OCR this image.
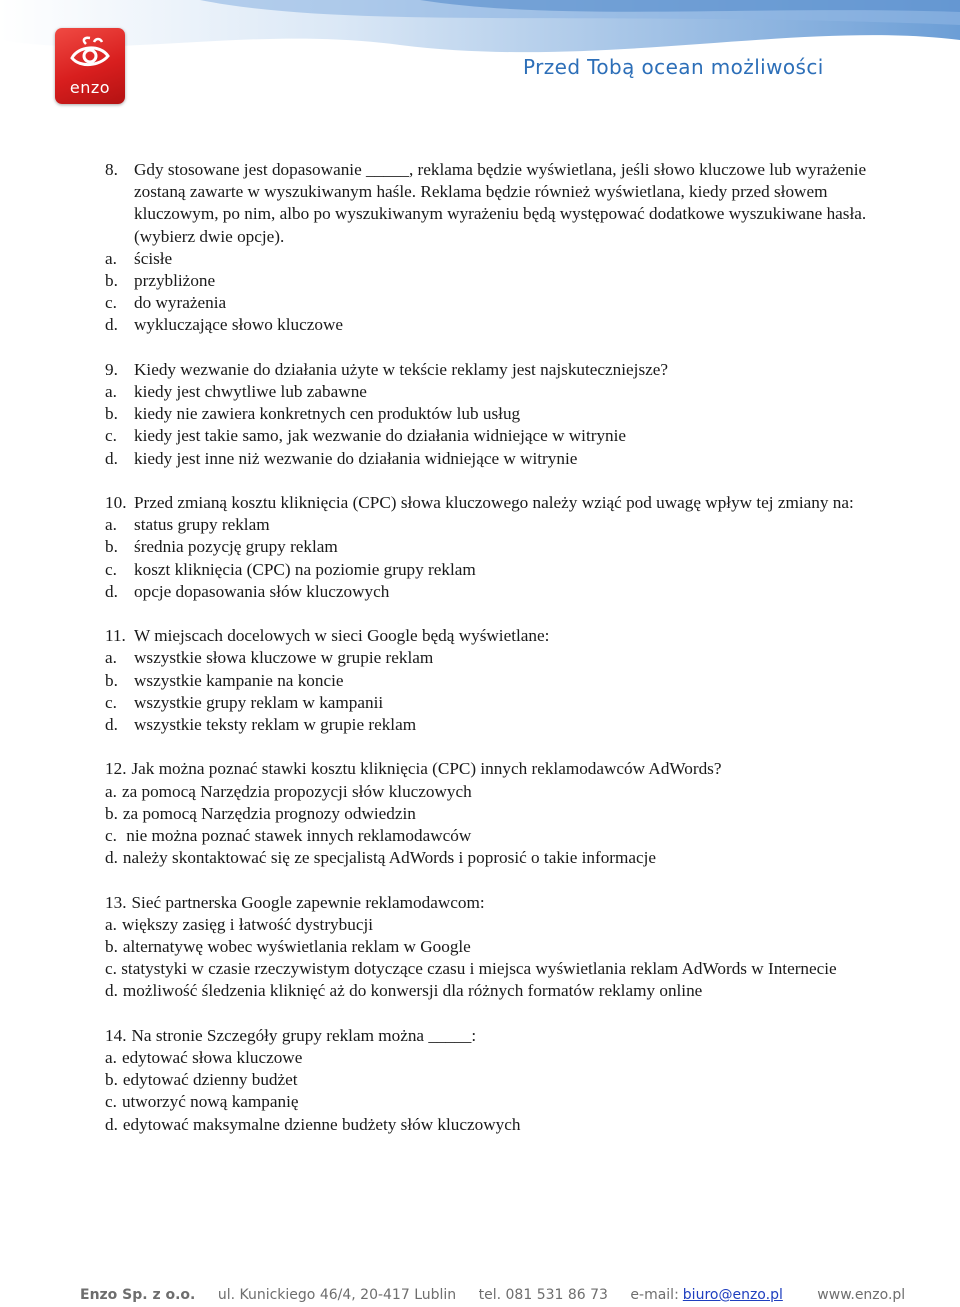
enzo
Przed Tobą ocean możliwości
8. Gdy stosowane jest dopasowanie _____, reklama będzie wyświetlana, jeśli słowo kluczowe lub wyrażenie zostaną zawarte w wyszukiwanym haśle. Reklama będzie również wyświetlana, kiedy przed słowem kluczowym, po nim, albo po wyszukiwanym wyrażeniu będą występować dodatkowe wyszukiwane hasła. (wybierz dwie opcje).
a. ścisłe
b. przybliżone
c. do wyrażenia
d. wykluczające słowo kluczowe
9. Kiedy wezwanie do działania użyte w tekście reklamy jest najskuteczniejsze?
a. kiedy jest chwytliwe lub zabawne
b. kiedy nie zawiera konkretnych cen produktów lub usług
c. kiedy jest takie samo, jak wezwanie do działania widniejące w witrynie
d. kiedy jest inne niż wezwanie do działania widniejące w witrynie
10. Przed zmianą kosztu kliknięcia (CPC) słowa kluczowego należy wziąć pod uwagę wpływ tej zmiany na:
a. status grupy reklam
b. średnia pozycję grupy reklam
c. koszt kliknięcia (CPC) na poziomie grupy reklam
d. opcje dopasowania słów kluczowych
11. W miejscach docelowych w sieci Google będą wyświetlane:
a. wszystkie słowa kluczowe w grupie reklam
b. wszystkie kampanie na koncie
c. wszystkie grupy reklam w kampanii
d. wszystkie teksty reklam w grupie reklam
12. Jak można poznać stawki kosztu kliknięcia (CPC) innych reklamodawców AdWords?
a. za pomocą Narzędzia propozycji słów kluczowych
b. za pomocą Narzędzia prognozy odwiedzin
c. nie można poznać stawek innych reklamodawców
d. należy skontaktować się ze specjalistą AdWords i poprosić o takie informacje
13. Sieć partnerska Google zapewnie reklamodawcom:
a. większy zasięg i łatwość dystrybucji
b. alternatywę wobec wyświetlania reklam w Google
c. statystyki w czasie rzeczywistym dotyczące czasu i miejsca wyświetlania reklam AdWords w Internecie
d. możliwość śledzenia kliknięć aż do konwersji dla różnych formatów reklamy online
14. Na stronie Szczegóły grupy reklam można _____:
a. edytować słowa kluczowe
b. edytować dzienny budżet
c. utworzyć nową kampanię
d. edytować maksymalne dzienne budżety słów kluczowych
Enzo Sp. z o.o. ul. Kunickiego 46/4, 20-417 Lublin tel. 081 531 86 73 e-mail: biuro@enzo.pl www.enzo.pl
